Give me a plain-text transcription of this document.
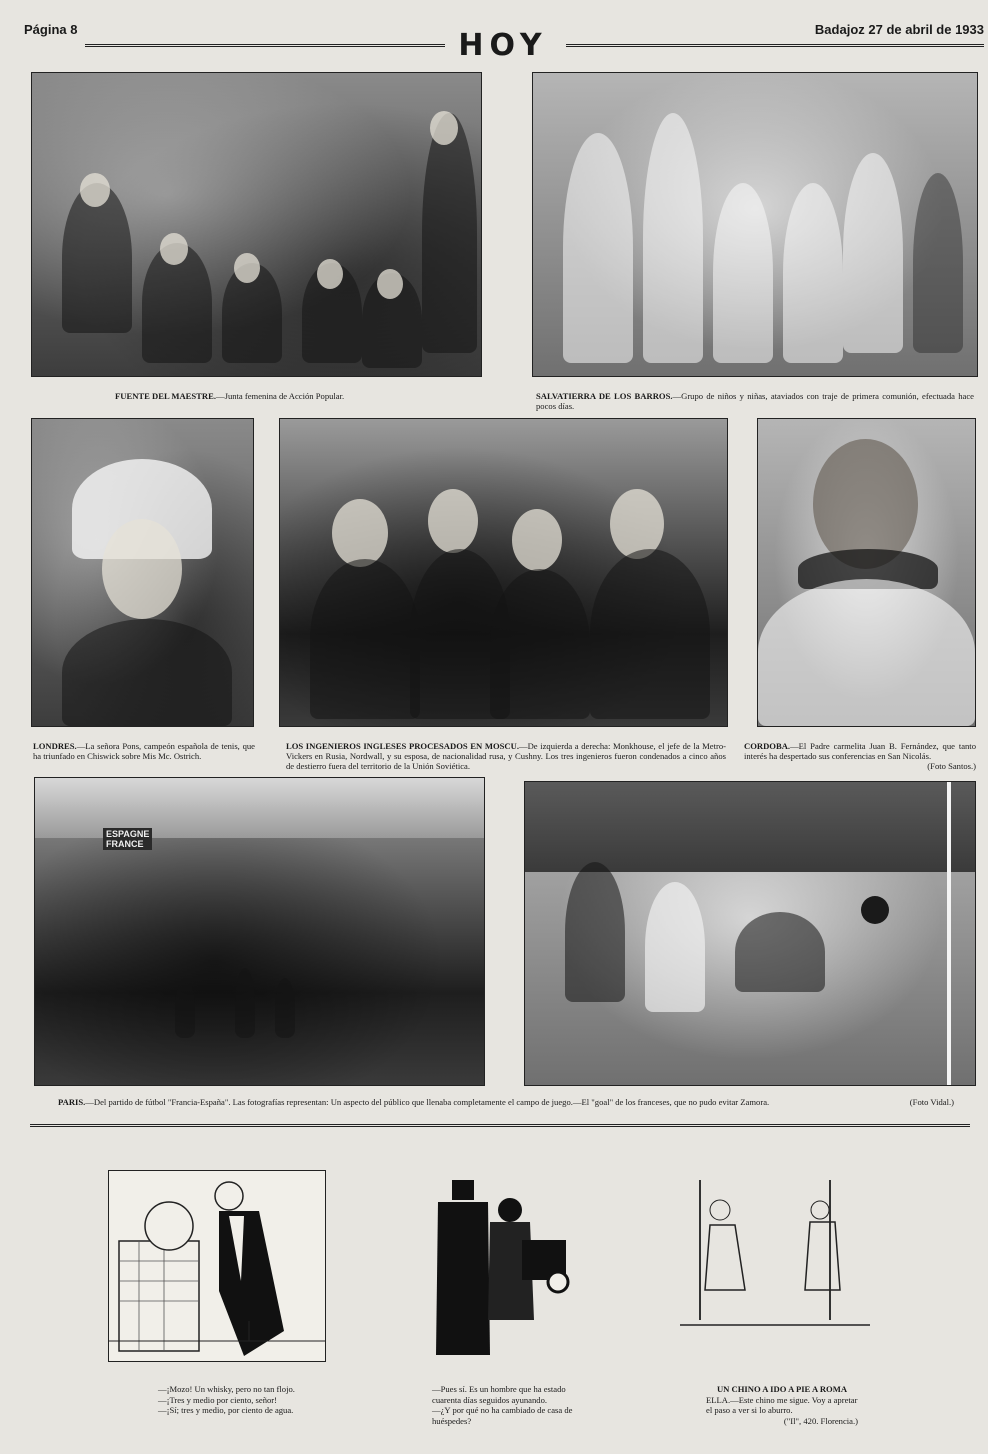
Página 8	Badajoz 27 de abril de 1933
HOY
FUENTE DEL MAESTRE.—Junta femenina de Acción Popular.	SALVATIERRA DE LOS BARROS.—Grupo de niños y niñas, ataviados con traje de primera comunión, efectuada hace pocos días.
LONDRES.—La señora Pons, campeón española de tenis, que ha triunfado en Chiswick sobre Mis Mc. Ostrich.
LOS INGENIEROS INGLESES PROCESADOS EN MOSCU.—De izquierda a derecha: Monkhouse, el jefe de la Metro-Vickers en Rusia, Nordwall, y su esposa, de nacionalidad rusa, y Cushny. Los tres ingenieros fueron condenados a cinco años de destierro fuera del territorio de la Unión Soviética.
CORDOBA.—El Padre carmelita Juan B. Fernández, que tanto interés ha despertado sus conferencias en San Nicolás.
(Foto Santos.)
ESPAGNE
FRANCE
PARIS.—Del partido de fútbol "Francia-España". Las fotografías representan: Un aspecto del público que llenaba completamente el campo de juego.—El "goal" de los franceses, que no pudo evitar Zamora.	(Foto Vidal.)
—¡Mozo! Un whisky, pero no tan flojo.
—¡Tres y medio por ciento, señor!
—¡Sí; tres y medio, por ciento de agua.
—Pues sí. Es un hombre que ha estado cuarenta días seguidos ayunando.
—¿Y por qué no ha cambiado de casa de huéspedes?
UN CHINO A IDO A PIE A ROMA
ELLA.—Este chino me sigue. Voy a apretar el paso a ver si lo aburro.
("Il", 420. Florencia.)
